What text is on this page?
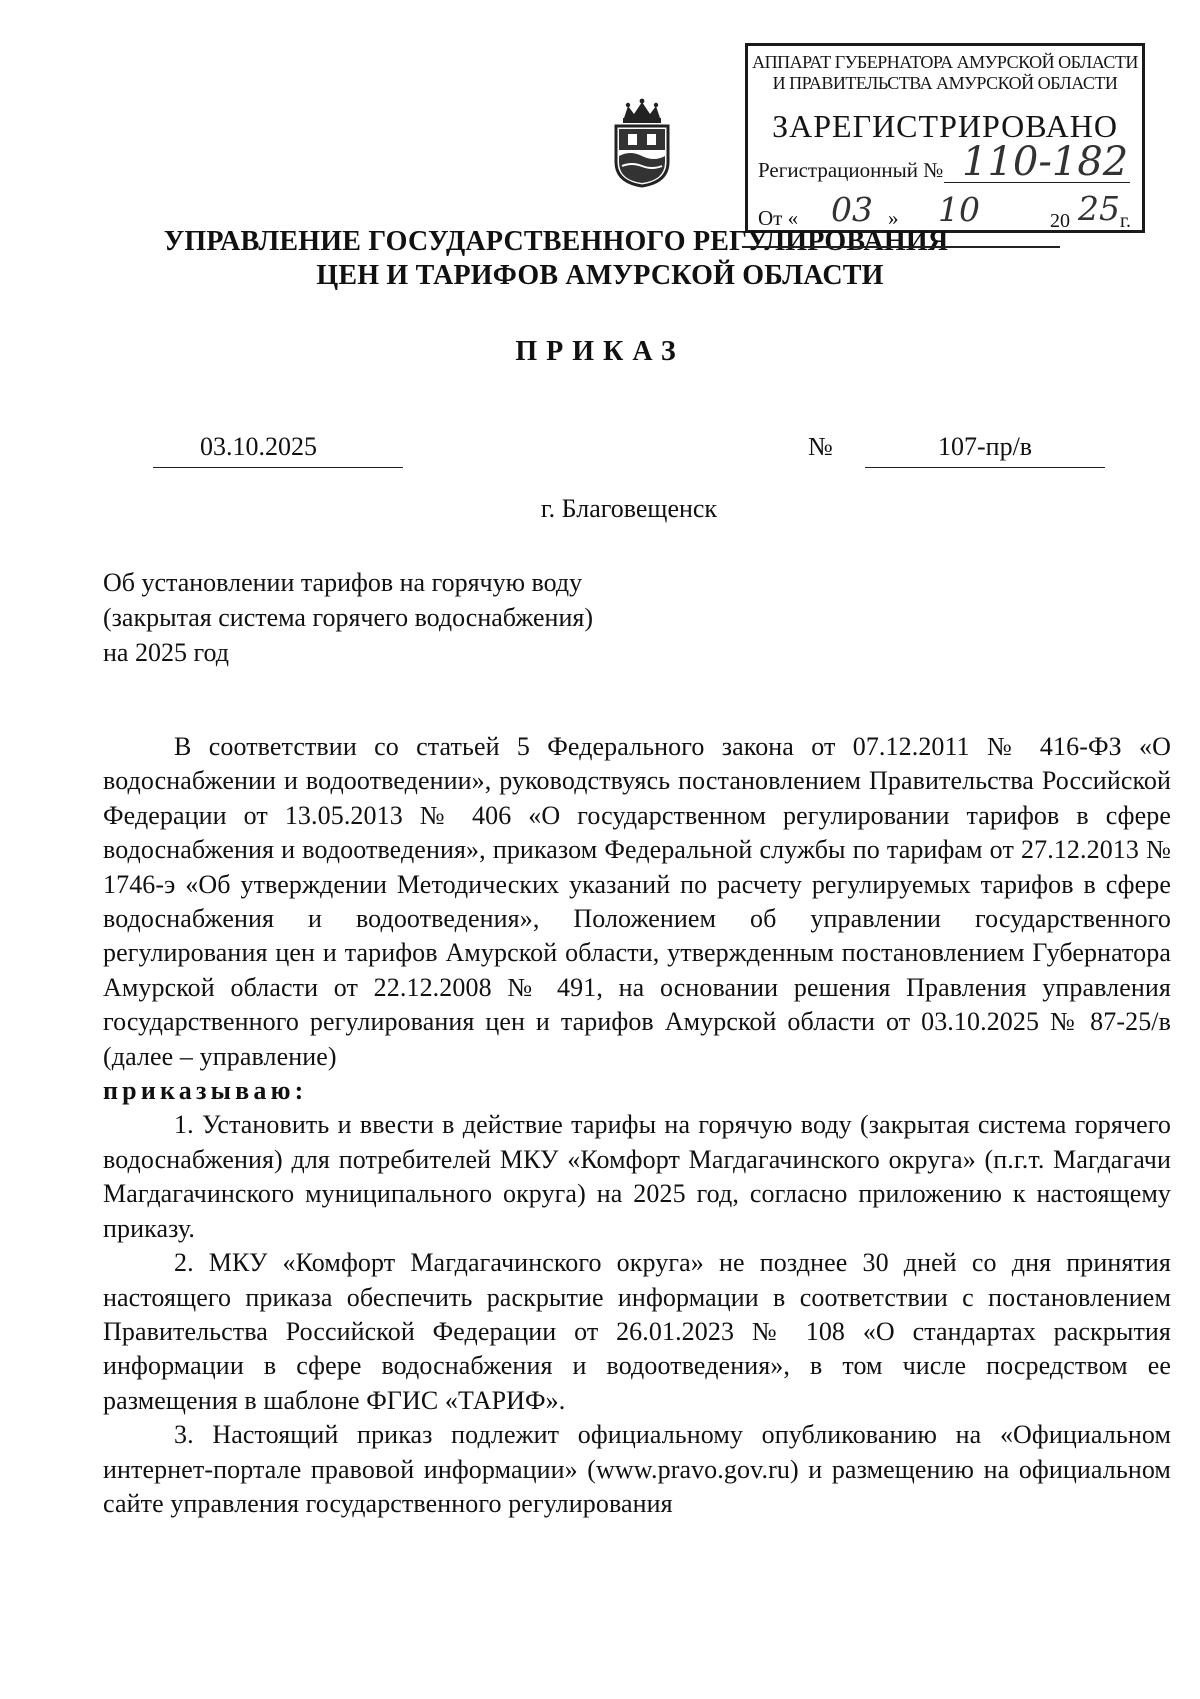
АППАРАТ ГУБЕРНАТОРА АМУРСКОЙ ОБЛАСТИ
И ПРАВИТЕЛЬСТВА АМУРСКОЙ ОБЛАСТИ
ЗАРЕГИСТРИРОВАНО
Регистрационный № 110-182
От « 03 » 10	20 25 г.
УПРАВЛЕНИЕ ГОСУДАРСТВЕННОГО РЕГУЛИРОВАНИЯ
ЦЕН И ТАРИФОВ АМУРСКОЙ ОБЛАСТИ
ПРИКАЗ
03.10.2025	№	107-пр/в
г. Благовещенск
Об установлении тарифов на горячую воду
(закрытая система горячего водоснабжения)
на 2025 год

В соответствии со статьей 5 Федерального закона от 07.12.2011 № 416-ФЗ «О водоснабжении и водоотведении», руководствуясь постановлением Правительства Российской Федерации от 13.05.2013 № 406 «О государственном регулировании тарифов в сфере водоснабжения и водоотведения», приказом Федеральной службы по тарифам от 27.12.2013 № 1746-э «Об утверждении Методических указаний по расчету регулируемых тарифов в сфере водоснабжения и водоотведения», Положением об управлении государственного регулирования цен и тарифов Амурской области, утвержденным постановлением Губернатора Амурской области от 22.12.2008 № 491, на основании решения Правления управления государственного регулирования цен и тарифов Амурской области от 03.10.2025 № 87-25/в (далее – управление)

приказываю:

1. Установить и ввести в действие тарифы на горячую воду (закрытая система горячего водоснабжения) для потребителей МКУ «Комфорт Магдагачинского округа» (п.г.т. Магдагачи Магдагачинского муниципального округа) на 2025 год, согласно приложению к настоящему приказу.

2. МКУ «Комфорт Магдагачинского округа» не позднее 30 дней со дня принятия настоящего приказа обеспечить раскрытие информации в соответствии с постановлением Правительства Российской Федерации от 26.01.2023 № 108 «О стандартах раскрытия информации в сфере водоснабжения и водоотведения», в том числе посредством ее размещения в шаблоне ФГИС «ТАРИФ».

3. Настоящий приказ подлежит официальному опубликованию на «Официальном интернет-портале правовой информации» (www.pravo.gov.ru) и размещению на официальном сайте управления государственного регулирования
